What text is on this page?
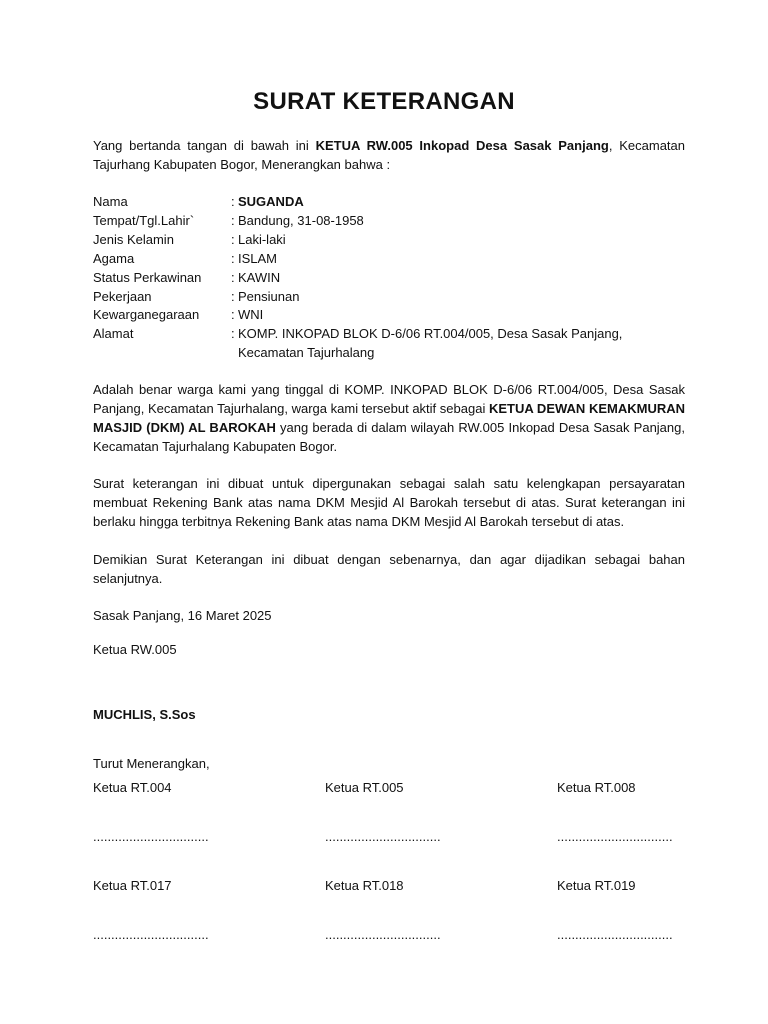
SURAT KETERANGAN

Yang bertanda tangan di bawah ini KETUA RW.005 Inkopad Desa Sasak Panjang, Kecamatan Tajurhang Kabupaten Bogor, Menerangkan bahwa :

Nama	: SUGANDA
Tempat/Tgl.Lahir`	: Bandung, 31-08-1958
Jenis Kelamin	: Laki-laki
Agama	: ISLAM
Status Perkawinan : KAWIN
Pekerjaan	: Pensiunan
Kewarganegaraan : WNI
Alamat	: KOMP. INKOPAD BLOK D-6/06 RT.004/005, Desa Sasak Panjang, Kecamatan Tajurhalang

Adalah benar warga kami yang tinggal di KOMP. INKOPAD BLOK D-6/06 RT.004/005, Desa Sasak Panjang, Kecamatan Tajurhalang, warga kami tersebut aktif sebagai KETUA DEWAN KEMAKMURAN MASJID (DKM) AL BAROKAH yang berada di dalam wilayah RW.005 Inkopad Desa Sasak Panjang, Kecamatan Tajurhalang Kabupaten Bogor.

Surat keterangan ini dibuat untuk dipergunakan sebagai salah satu kelengkapan persayaratan membuat Rekening Bank atas nama DKM Mesjid Al Barokah tersebut di atas. Surat keterangan ini berlaku hingga terbitnya Rekening Bank atas nama DKM Mesjid Al Barokah tersebut di atas.

Demikian Surat Keterangan ini dibuat dengan sebenarnya, dan agar dijadikan sebagai bahan selanjutnya.

Sasak Panjang, 16 Maret 2025

Ketua RW.005

MUCHLIS, S.Sos

Turut Menerangkan,

Ketua RT.004	Ketua RT.005	Ketua RT.008
................................	................................	................................
Ketua RT.017	Ketua RT.018	Ketua RT.019
................................	................................	................................
